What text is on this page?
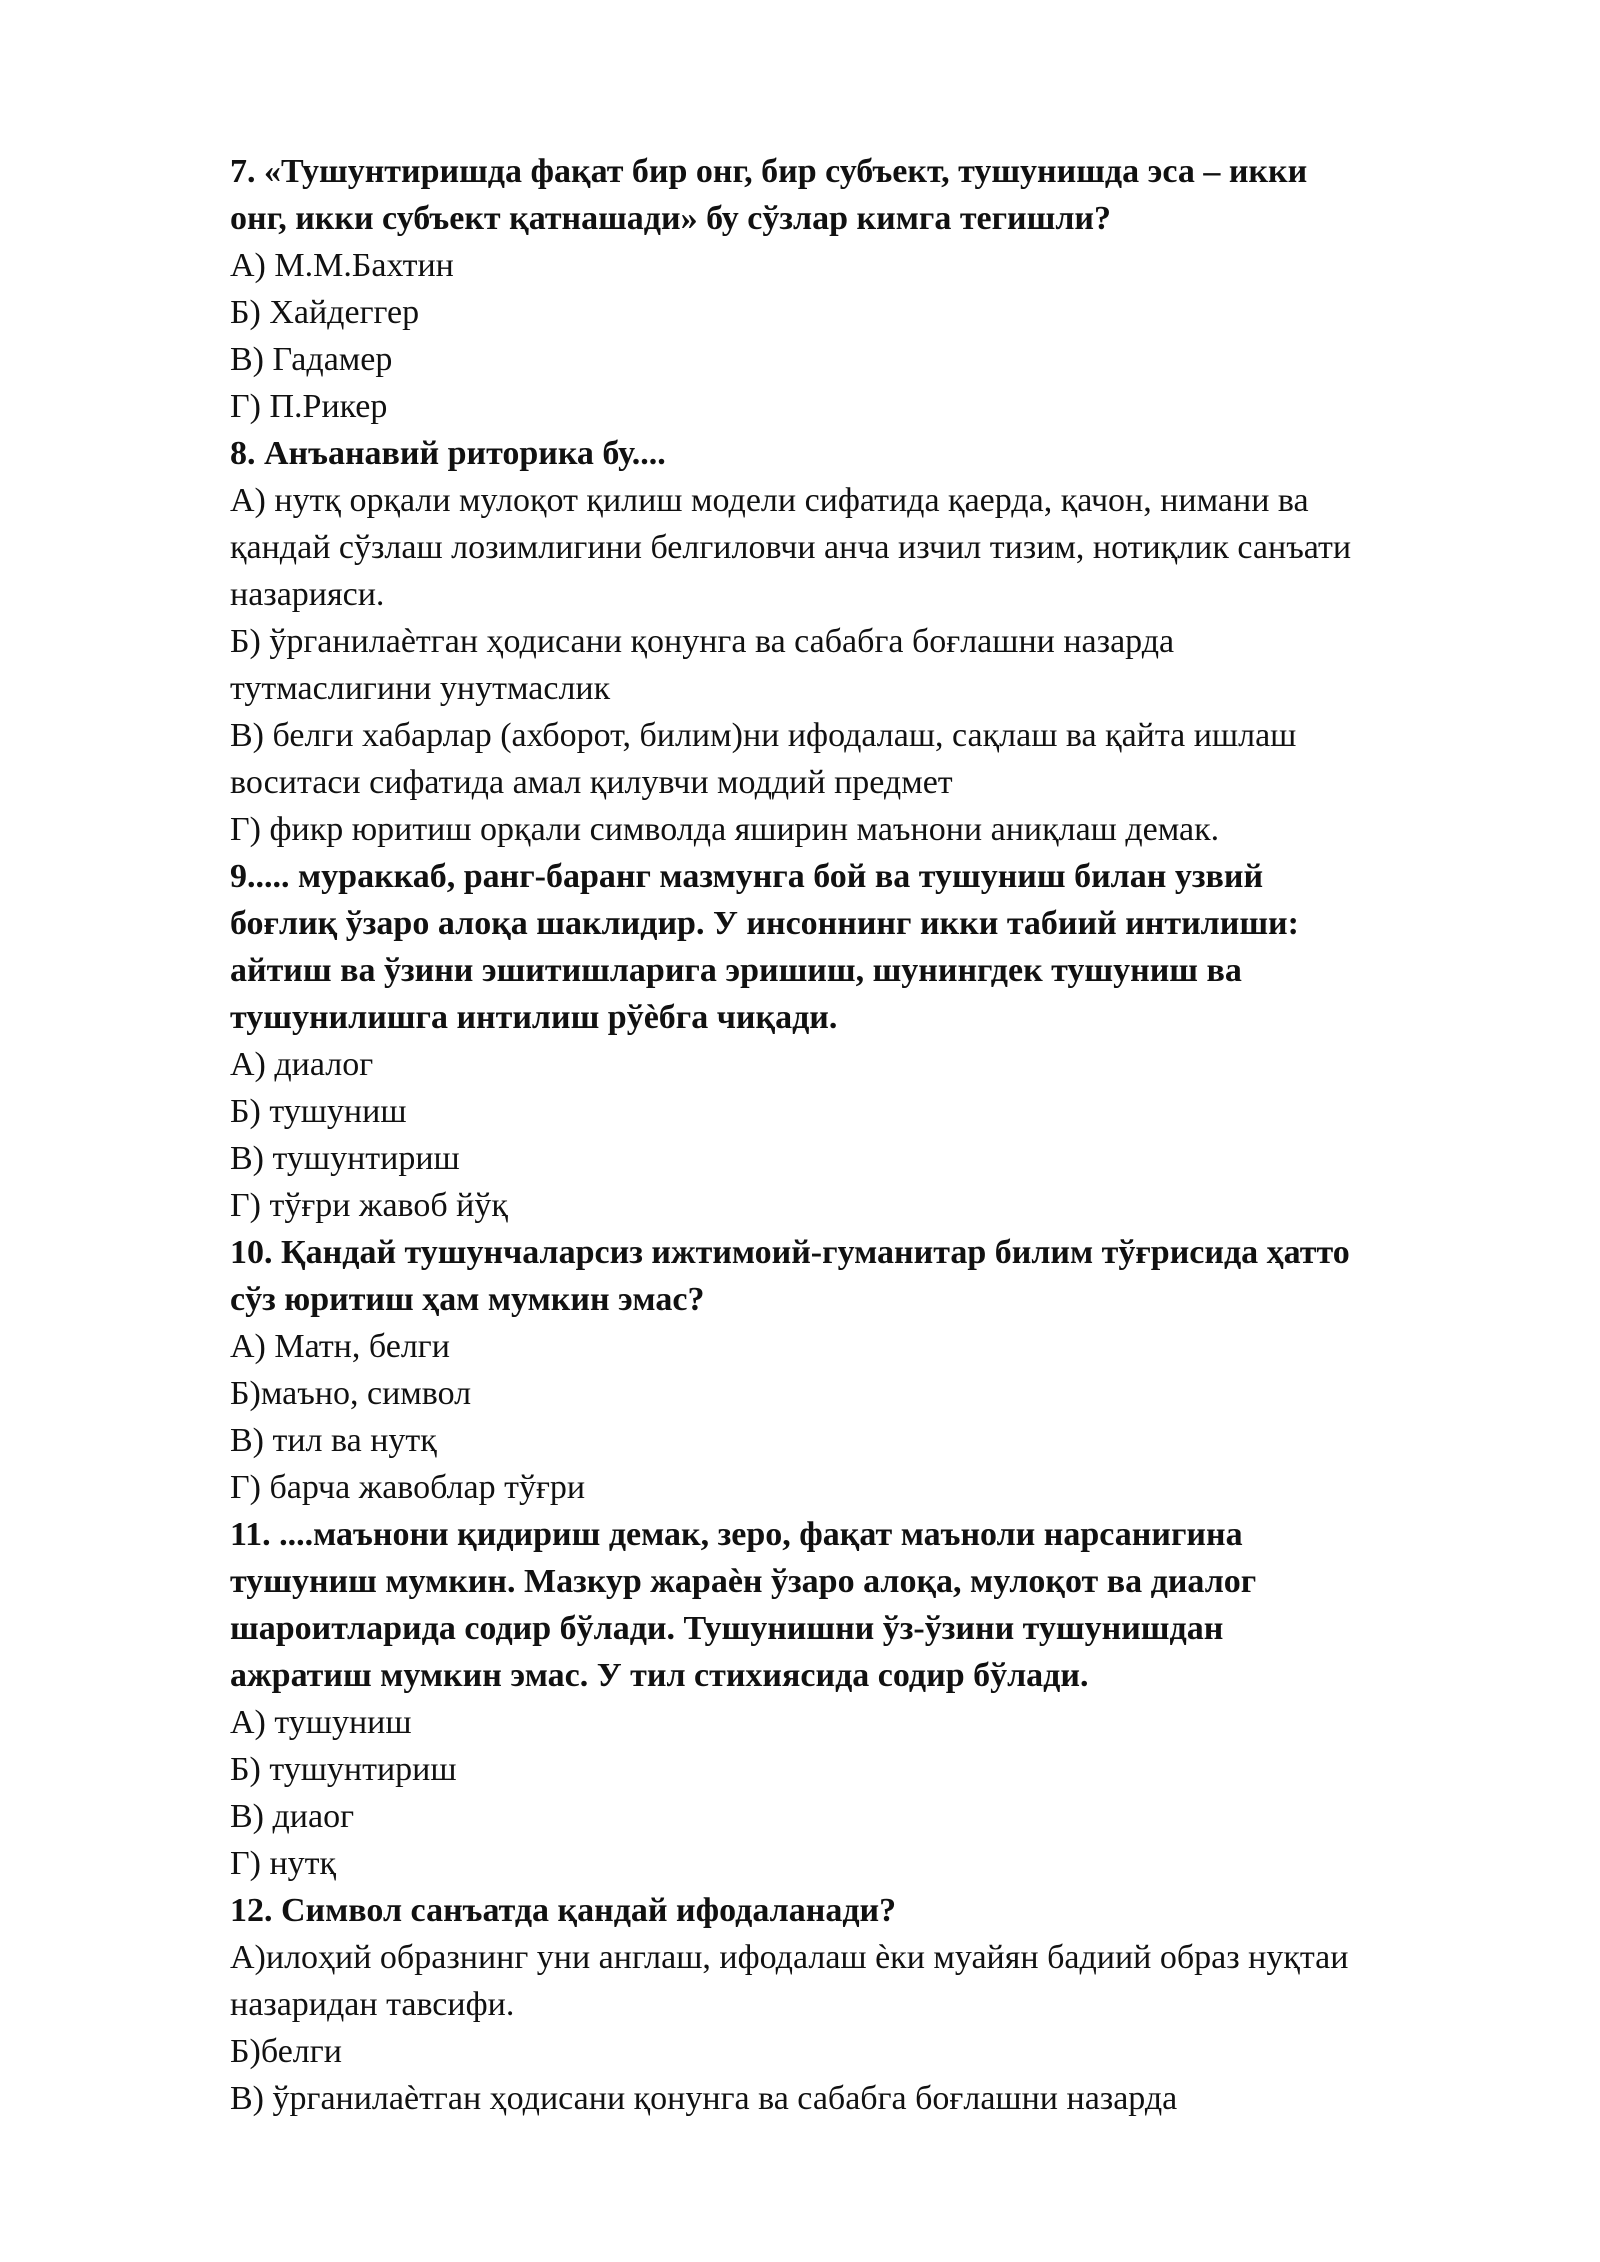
7. «Тушунтиришда фақат бир онг, бир субъект, тушунишда эса – икки
онг, икки субъект қатнашади» бу сўзлар кимга тегишли?
А) М.М.Бахтин
Б) Хайдеггер
В) Гадамер
Г) П.Рикер
8. Анъанавий риторика бу....
А) нутқ орқали мулоқот қилиш модели сифатида қаерда, қачон, нимани ва
қандай сўзлаш лозимлигини белгиловчи анча изчил тизим, нотиқлик санъати
назарияси.
Б) ўрганилаѐтган ҳодисани қонунга ва сабабга боғлашни назарда
тутмаслигини унутмаслик
В) белги хабарлар (ахборот, билим)ни ифодалаш, сақлаш ва қайта ишлаш
воситаси сифатида амал қилувчи моддий предмет
Г) фикр юритиш орқали символда яширин маънони аниқлаш демак.
9..... мураккаб, ранг-баранг мазмунга бой ва тушуниш билан узвий
боғлиқ ўзаро алоқа шаклидир. У инсоннинг икки табиий интилиши:
айтиш ва ўзини эшитишларига эришиш, шунингдек тушуниш ва
тушунилишга интилиш рўѐбга чиқади.
А) диалог
Б) тушуниш
В) тушунтириш
Г) тўғри жавоб йўқ
10. Қандай тушунчаларсиз ижтимоий-гуманитар билим тўғрисида ҳатто
сўз юритиш ҳам мумкин эмас?
А) Матн, белги
Б)маъно, символ
В) тил ва нутқ
Г) барча жавоблар тўғри
11. ....маънони қидириш демак, зеро, фақат маъноли нарсанигина
тушуниш мумкин. Мазкур жараѐн ўзаро алоқа, мулоқот ва диалог
шароитларида содир бўлади. Тушунишни ўз-ўзини тушунишдан
ажратиш мумкин эмас. У тил стихиясида содир бўлади.
А) тушуниш
Б) тушунтириш
В) диаог
Г) нутқ
12. Символ санъатда қандай ифодаланади?
А)илоҳий образнинг уни англаш, ифодалаш ѐки муайян бадиий образ нуқтаи
назаридан тавсифи.
Б)белги
В) ўрганилаѐтган ҳодисани қонунга ва сабабга боғлашни назарда
